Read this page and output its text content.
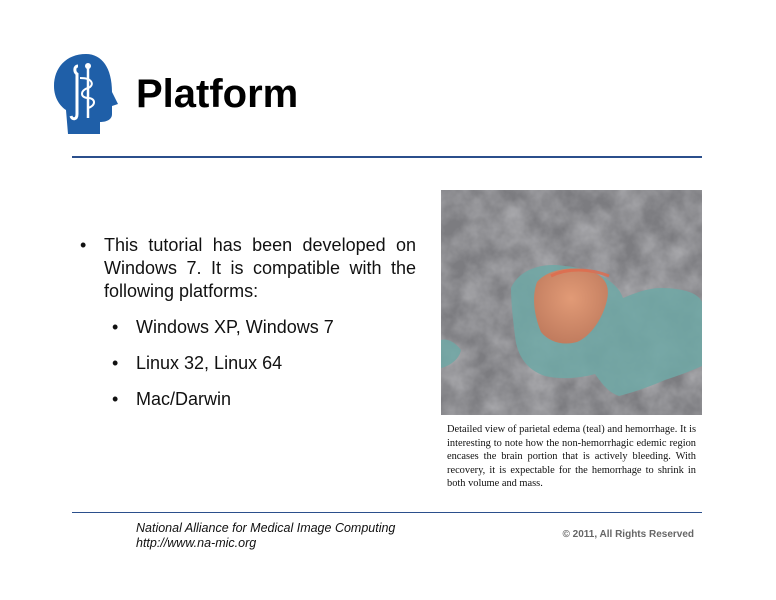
Platform
• This tutorial has been developed on Windows 7. It is compatible with the following platforms:
• Windows XP, Windows 7
• Linux 32, Linux 64
• Mac/Darwin
Detailed view of parietal edema (teal) and hemorrhage. It is interesting to note how the non-hemorrhagic edemic region encases the brain portion that is actively bleeding. With recovery, it is expectable for the hemorrhage to shrink in both volume and mass.
National Alliance for Medical Image Computing
http://www.na-mic.org
© 2011, All Rights Reserved
